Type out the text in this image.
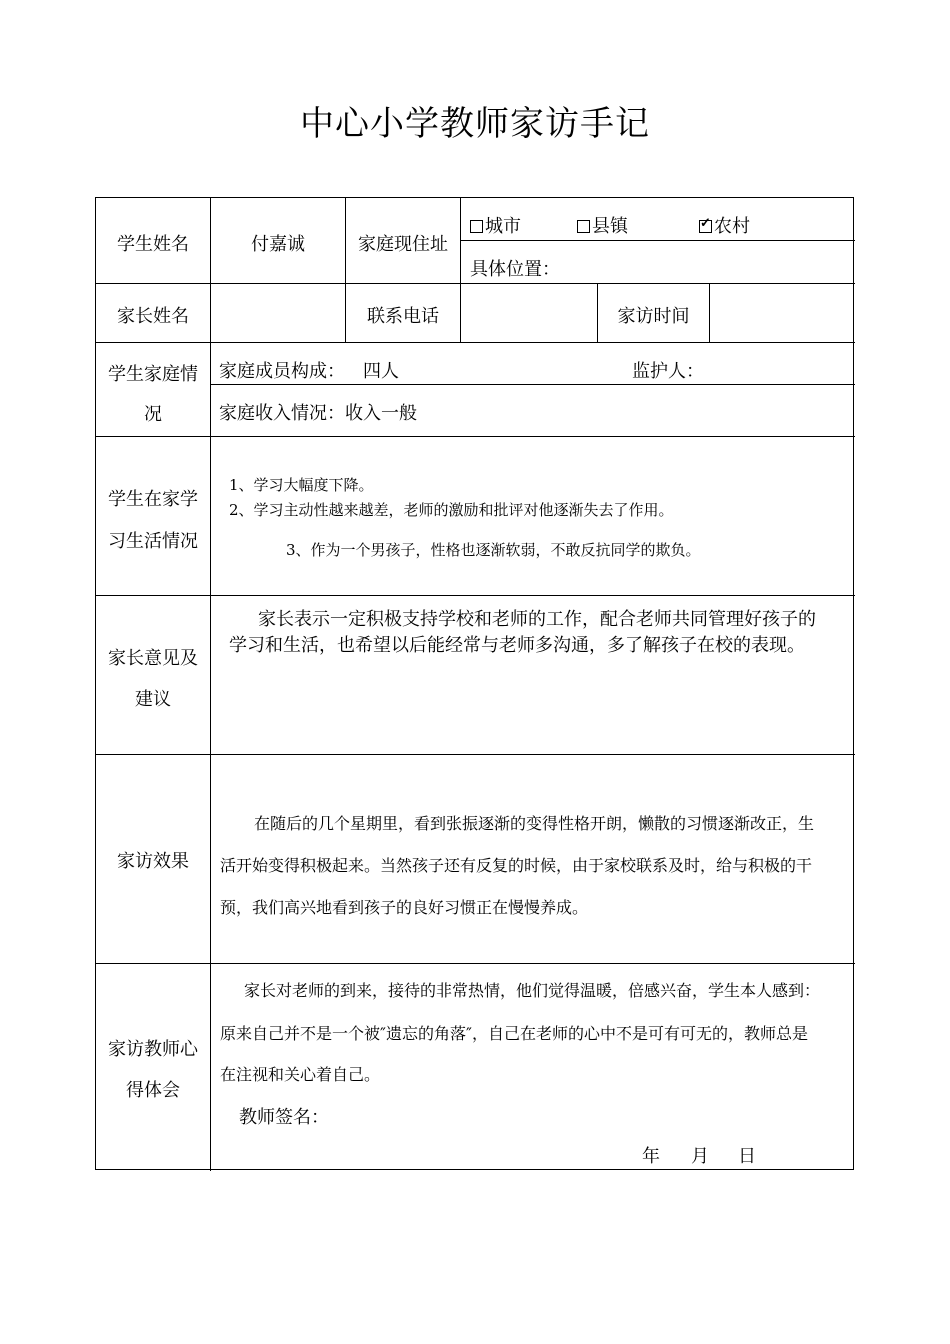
中心小学教师家访手记
学生姓名	付嘉诚	家庭现住址
城市	县镇
✓	农村
具体位置：
家长姓名	联系电话	家访时间
学生家庭情
况
家庭成员构成： 四人	监护人：
家庭收入情况：收入一般
学生在家学
习生活情况
1、学习大幅度下降。
2、学习主动性越来越差，老师的激励和批评对他逐渐失去了作用。
3、作为一个男孩子，性格也逐渐软弱，不敢反抗同学的欺负。
家长意见及
建议
家长表示一定积极支持学校和老师的工作，配合老师共同管理好孩子的
学习和生活，也希望以后能经常与老师多沟通，多了解孩子在校的表现。
家访效果
在随后的几个星期里，看到张振逐渐的变得性格开朗，懒散的习惯逐渐改正，生
活开始变得积极起来。当然孩子还有反复的时候，由于家校联系及时，给与积极的干
预，我们高兴地看到孩子的良好习惯正在慢慢养成。
家访教师心
得体会
家长对老师的到来，接待的非常热情，他们觉得温暖，倍感兴奋，学生本人感到：
原来自己并不是一个被″遗忘的角落″，自己在老师的心中不是可有可无的，教师总是
在注视和关心着自己。
教师签名：
年 月 日
